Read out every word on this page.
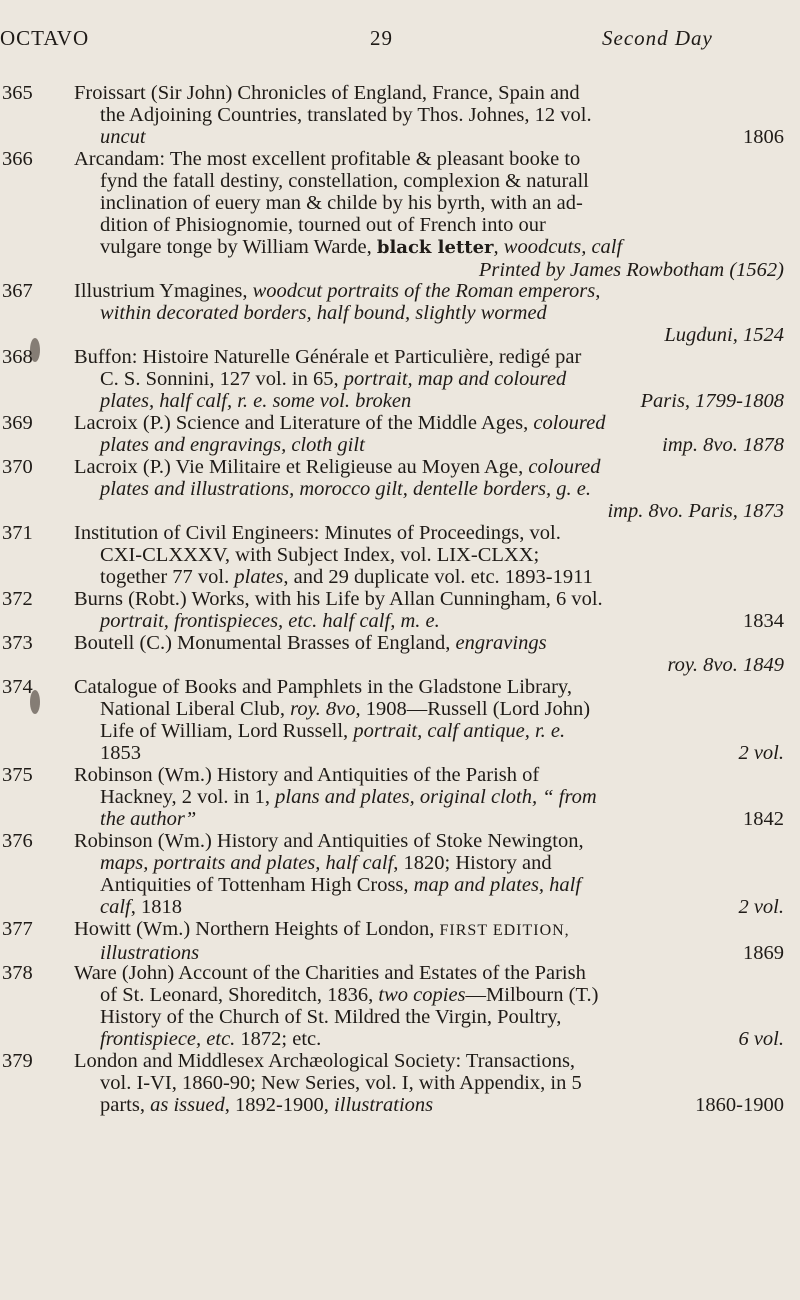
OCTAVO	29	Second Day
365	Froissart (Sir John) Chronicles of England, France, Spain and
the Adjoining Countries, translated by Thos. Johnes, 12 vol.
uncut	1806
366	Arcandam: The most excellent profitable & pleasant booke to
fynd the fatall destiny, constellation, complexion & naturall
inclination of euery man & childe by his byrth, with an ad-
dition of Phisiognomie, tourned out of French into our
vulgare tonge by William Warde, black letter, woodcuts, calf
Printed by James Rowbotham (1562)
367	Illustrium Ymagines, woodcut portraits of the Roman emperors,
within decorated borders, half bound, slightly wormed
Lugduni, 1524
368	Buffon: Histoire Naturelle Générale et Particulière, redigé par
C. S. Sonnini, 127 vol. in 65, portrait, map and coloured
plates, half calf, r. e. some vol. broken	Paris, 1799-1808
369	Lacroix (P.) Science and Literature of the Middle Ages, coloured
plates and engravings, cloth gilt	imp. 8vo. 1878
370	Lacroix (P.) Vie Militaire et Religieuse au Moyen Age, coloured
plates and illustrations, morocco gilt, dentelle borders, g. e.
imp. 8vo. Paris, 1873
371	Institution of Civil Engineers: Minutes of Proceedings, vol.
CXI-CLXXXV, with Subject Index, vol. LIX-CLXX;
together 77 vol. plates, and 29 duplicate vol. etc. 1893-1911
372	Burns (Robt.) Works, with his Life by Allan Cunningham, 6 vol.
portrait, frontispieces, etc. half calf, m. e.	1834
373	Boutell (C.) Monumental Brasses of England, engravings
roy. 8vo. 1849
374	Catalogue of Books and Pamphlets in the Gladstone Library,
National Liberal Club, roy. 8vo, 1908—Russell (Lord John)
Life of William, Lord Russell, portrait, calf antique, r. e.
1853	2 vol.
375	Robinson (Wm.) History and Antiquities of the Parish of
Hackney, 2 vol. in 1, plans and plates, original cloth, “ from
the author”	1842
376	Robinson (Wm.) History and Antiquities of Stoke Newington,
maps, portraits and plates, half calf, 1820; History and
Antiquities of Tottenham High Cross, map and plates, half
calf, 1818	2 vol.
377	Howitt (Wm.) Northern Heights of London, FIRST EDITION,
illustrations	1869
378	Ware (John) Account of the Charities and Estates of the Parish
of St. Leonard, Shoreditch, 1836, two copies—Milbourn (T.)
History of the Church of St. Mildred the Virgin, Poultry,
frontispiece, etc. 1872; etc.	6 vol.
379	London and Middlesex Archæological Society: Transactions,
vol. I-VI, 1860-90; New Series, vol. I, with Appendix, in 5
parts, as issued, 1892-1900, illustrations	1860-1900
